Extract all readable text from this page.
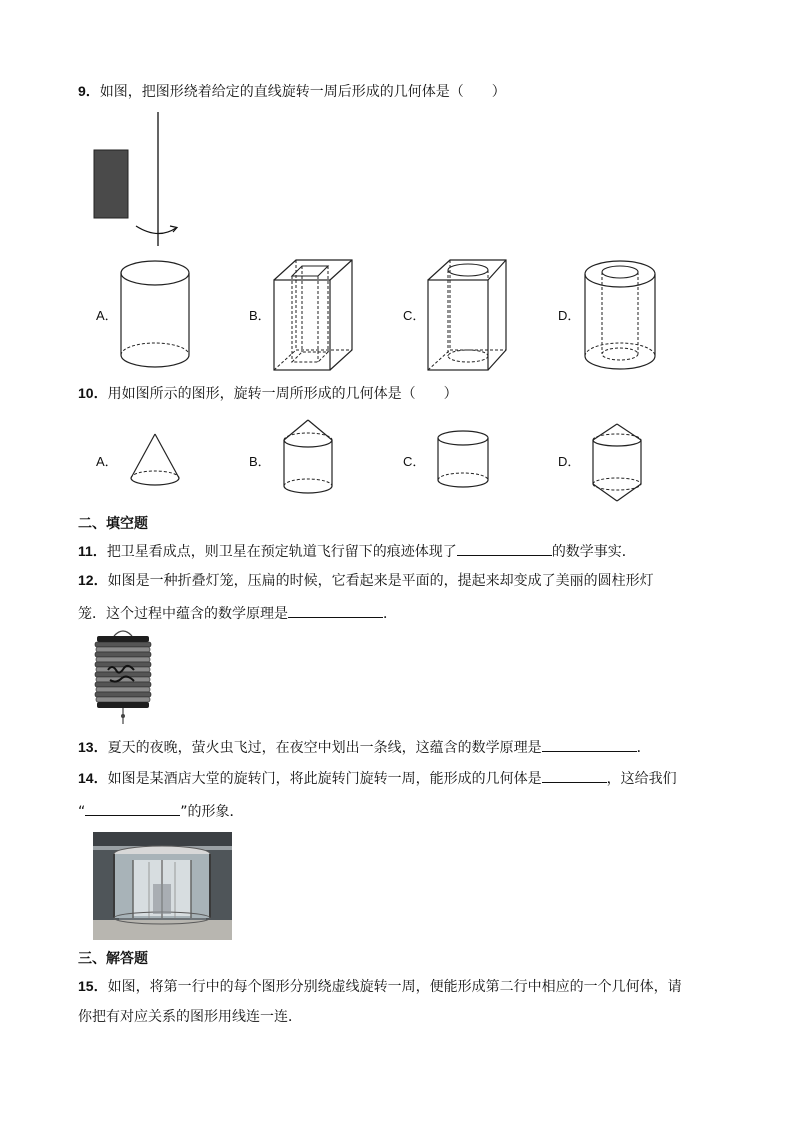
9．如图，把图形绕着给定的直线旋转一周后形成的几何体是（　　）
A．	B．	C．	D．
10．用如图所示的图形，旋转一周所形成的几何体是（　　）
A．	B．	C．	D．
二、填空题
11．把卫星看成点，则卫星在预定轨道飞行留下的痕迹体现了	的数学事实．
12．如图是一种折叠灯笼，压扁的时候，它看起来是平面的，提起来却变成了美丽的圆柱形灯
笼．这个过程中蕴含的数学原理是	．
13．夏天的夜晚，萤火虫飞过，在夜空中划出一条线，这蕴含的数学原理是	．
14．如图是某酒店大堂的旋转门，将此旋转门旋转一周，能形成的几何体是	，这给我们
“	”的形象．
三、解答题
15．如图，将第一行中的每个图形分别绕虚线旋转一周，便能形成第二行中相应的一个几何体，请
你把有对应关系的图形用线连一连．
